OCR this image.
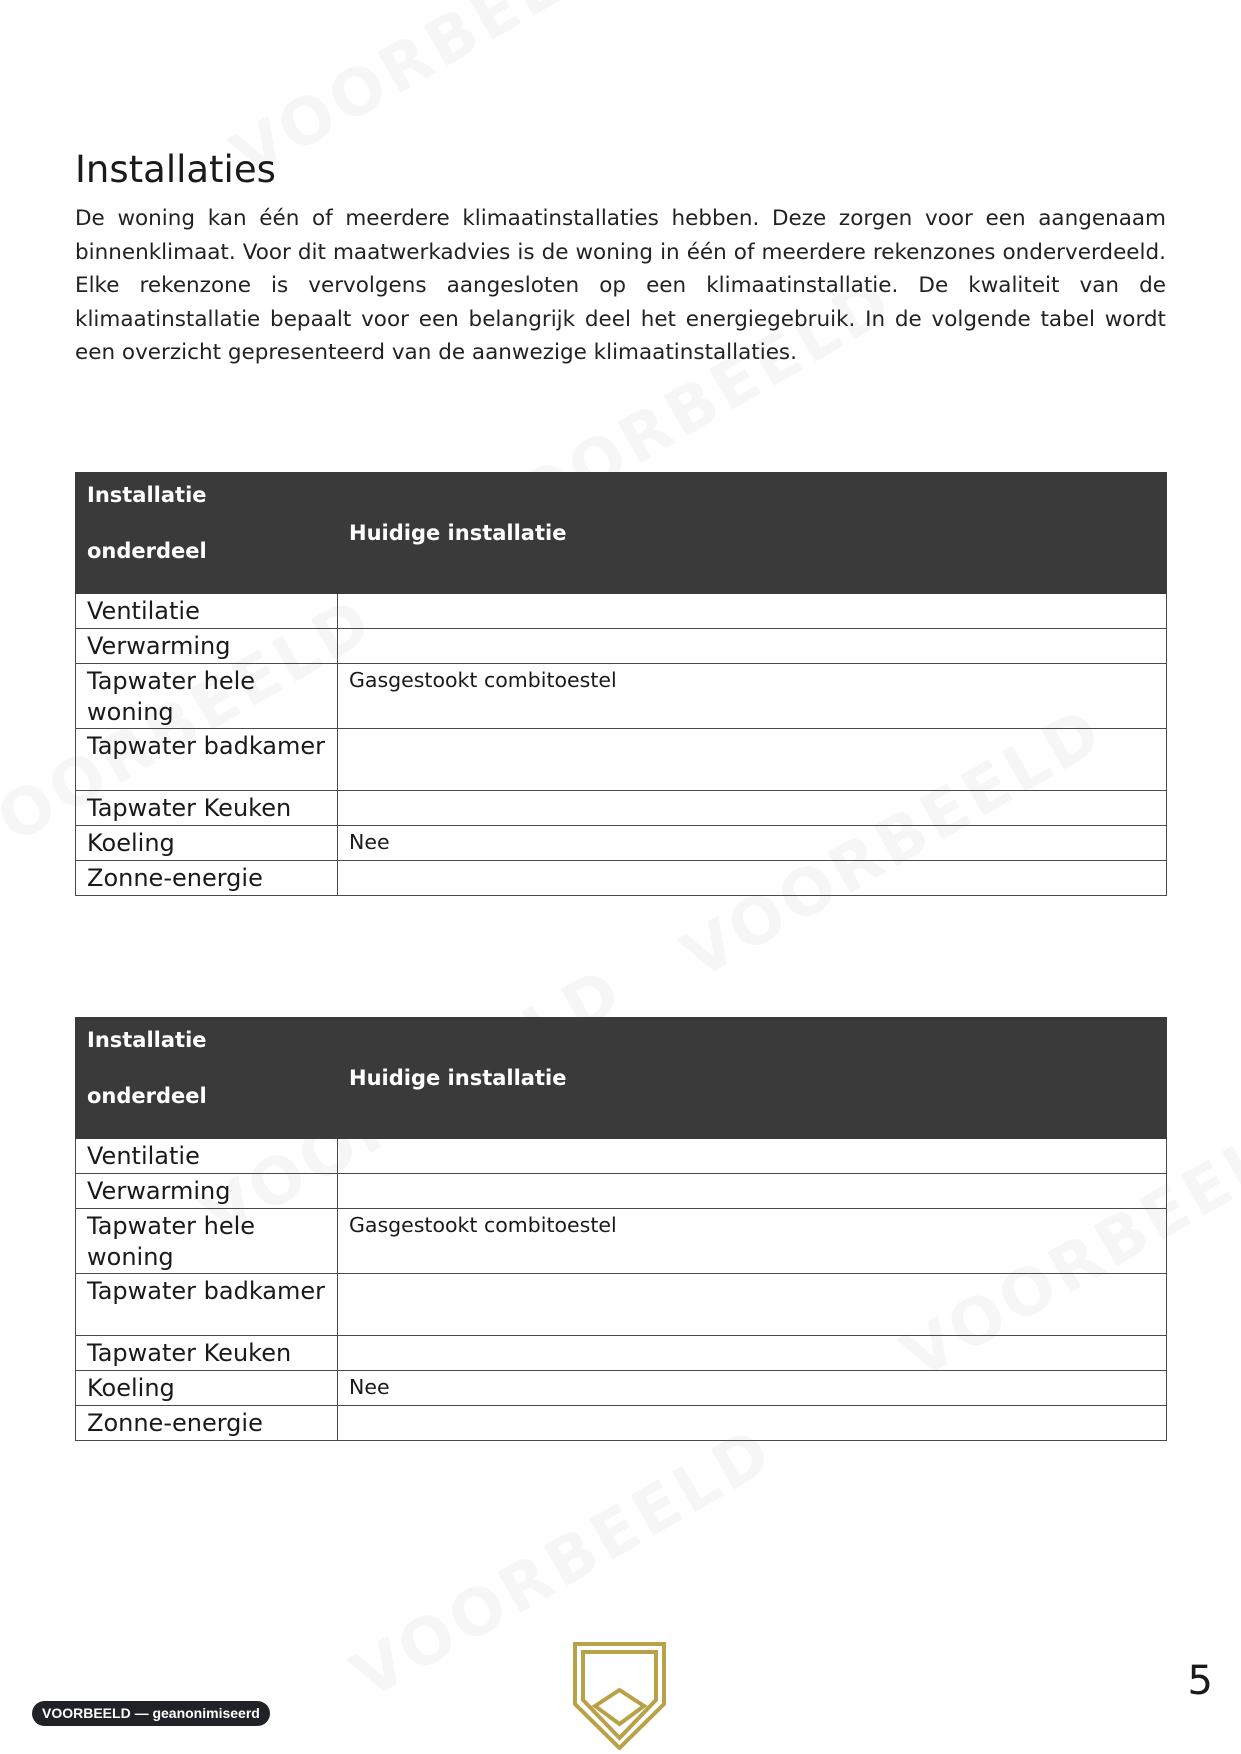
Installaties

De woning kan één of meerdere klimaatinstallaties hebben. Deze zorgen voor een aangenaam binnenklimaat. Voor dit maatwerkadvies is de woning in één of meerdere rekenzones onderverdeeld. Elke rekenzone is vervolgens aangesloten op een klimaatinstallatie. De kwaliteit van de klimaatinstallatie bepaalt voor een belangrijk deel het energiegebruik. In de volgende tabel wordt een overzicht gepresenteerd van de aanwezige klimaatinstallaties.

Installatie
onderdeel	Huidige installatie
Ventilatie	
Verwarming	
Tapwater hele woning	Gasgestookt combitoestel
Tapwater badkamer	
Tapwater Keuken	
Koeling	Nee
Zonne-energie	
Installatie
onderdeel	Huidige installatie
Ventilatie	
Verwarming	
Tapwater hele woning	Gasgestookt combitoestel
Tapwater badkamer	
Tapwater Keuken	
Koeling	Nee
Zonne-energie	
VOORBEELD — geanonimiseerd
5
